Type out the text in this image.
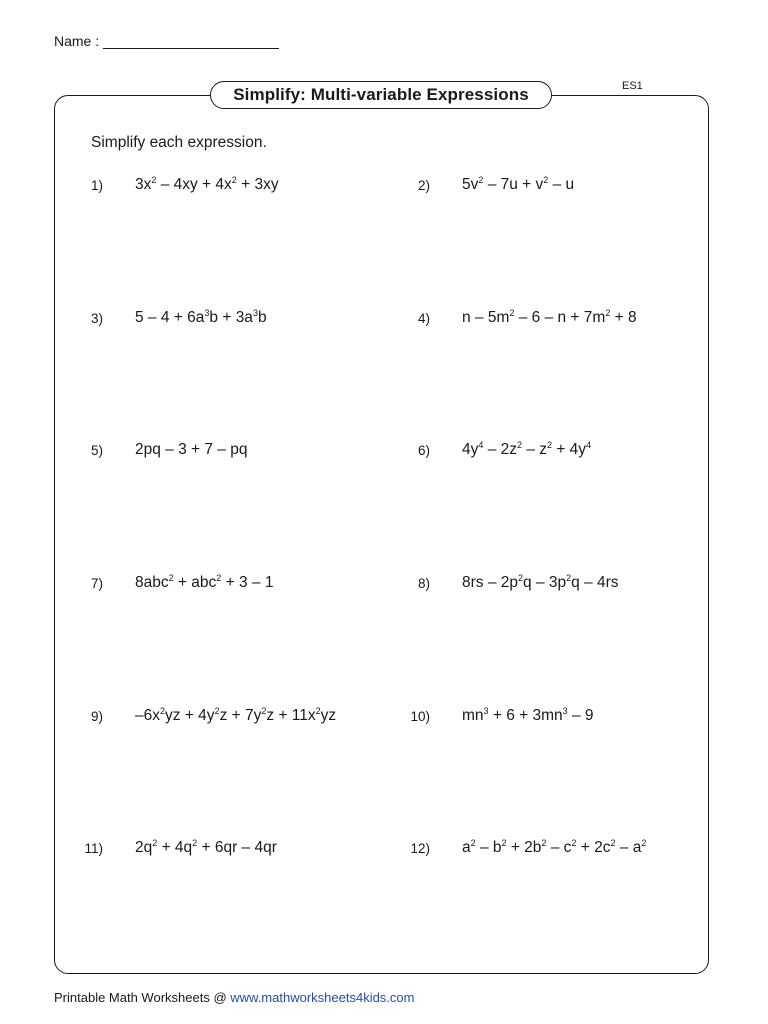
Name :
Simplify: Multi-variable Expressions	ES1
Simplify each expression.
1) $3x^2 - 4xy + 4x^2 + 3xy$	2) $5v^2 - 7u + v^2 - u$
3) $5 - 4 + 6a^3b + 3a^3b$	4) $n - 5m^2 - 6 - n + 7m^2 + 8$
5) 2pq – 3 + 7 – pq	6) $4y^4 - 2z^2 - z^2 + 4y^4$
7) 8abc$^2$ + abc$^2$ + 3 – 1	8) $8rs - 2p^2q - 3p^2q - 4rs$
9) $-6x^2yz + 4y^2z + 7y^2z + 11x^2yz$	10) $mn^3 + 6 + 3mn^3 - 9$
11) $2q^2 + 4q^2 + 6qr - 4qr$	12) $a^2 - b^2 + 2b^2 - c^2 + 2c^2 - a^2$
Printable Math Worksheets @ www.mathworksheets4kids.com
